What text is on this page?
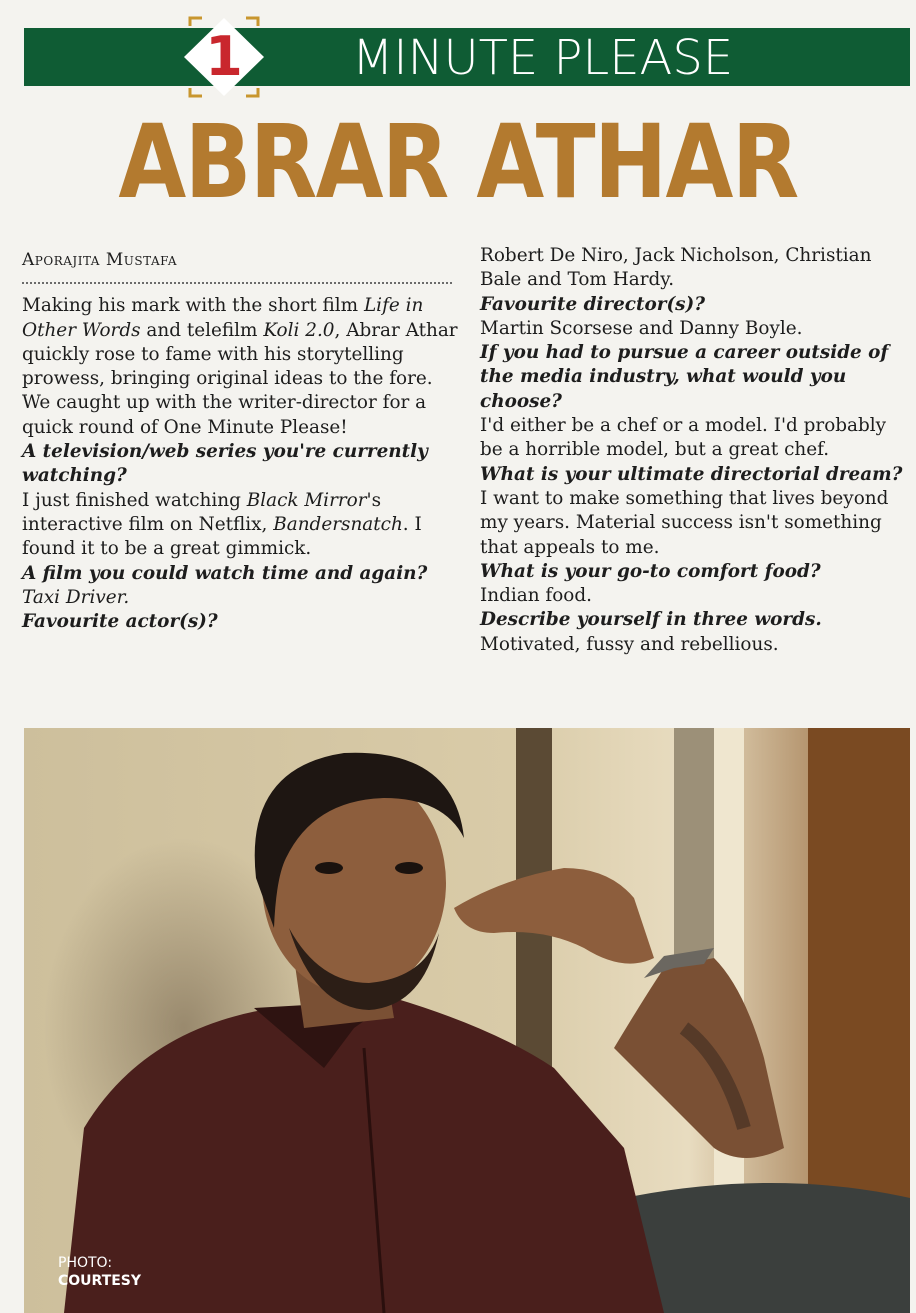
1	MINUTE PLEASE
ABRAR ATHAR
Aporajita Mustafa

Making his mark with the short film Life in Other Words and telefilm Koli 2.0, Abrar Athar quickly rose to fame with his storytelling prowess, bringing original ideas to the fore. We caught up with the writer-director for a quick round of One Minute Please!

A television/web series you're currently watching?

I just finished watching Black Mirror's interactive film on Netflix, Bandersnatch. I found it to be a great gimmick.

A film you could watch time and again?

Taxi Driver.

Favourite actor(s)?

Robert De Niro, Jack Nicholson, Christian Bale and Tom Hardy.

Favourite director(s)?

Martin Scorsese and Danny Boyle.

If you had to pursue a career outside of the media industry, what would you choose?

I'd either be a chef or a model. I'd probably be a horrible model, but a great chef.

What is your ultimate directorial dream?

I want to make something that lives beyond my years. Material success isn't something that appeals to me.

What is your go-to comfort food?

Indian food.

Describe yourself in three words.

Motivated, fussy and rebellious.

PHOTO:
COURTESY
